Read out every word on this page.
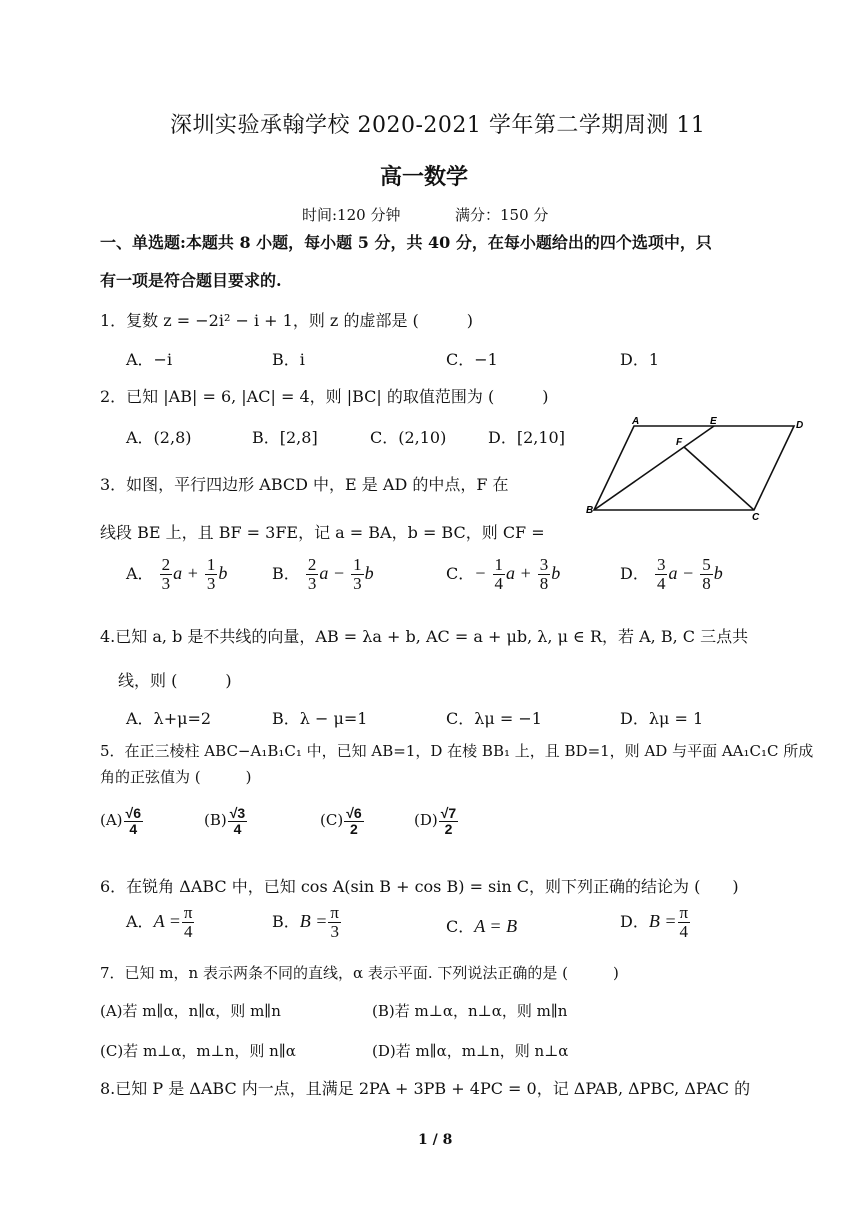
深圳实验承翰学校 2020-2021 学年第二学期周测 11
高一数学
时间:120 分钟	满分：150 分
一、单选题:本题共 8 小题，每小题 5 分，共 40 分，在每小题给出的四个选项中，只
有一项是符合题目要求的.
1．复数 z = −2i² − i + 1，则 z 的虚部是 (　　　)
A．−i	B．i	C．−1	D．1
2．已知 |AB| = 6, |AC| = 4，则 |BC| 的取值范围为 (　　　)
A．(2,8)	B．[2,8]	C．(2,10)	D．[2,10]
A	E	D
F
B
C
3．如图，平行四边形 ABCD 中，E 是 AD 的中点，F 在
线段 BE 上，且 BF = 3FE，记 a = BA，b = BC，则 CF =
A． $\frac{2}{3}$ $a + \frac{1}{3}$ b	B． $\frac{2}{3}$ $a - \frac{1}{3}$ b	C．− $\frac{1}{4}$ $a + \frac{3}{8}$ b	D． $\frac{3}{4}$ $a - \frac{5}{8}$ b
4.已知 a, b 是不共线的向量，AB = λa + b, AC = a + μb, λ, μ ∈ R，若 A, B, C 三点共
线，则 (　　　)
A．λ+μ=2	B．λ − μ=1	C．λμ = −1	D．λμ = 1
5．在正三棱柱 ABC−A₁B₁C₁ 中，已知 AB=1，D 在棱 BB₁ 上，且 BD=1，则 AD 与平面 AA₁C₁C 所成
角的正弦值为 (　　　)
$(A) \frac{√6}{4}$	$(B) \frac{√3}{4}$	$(C) \frac{√6}{2}$	$(D) \frac{√7}{2}$
6．在锐角 ΔABC 中，已知 cos A(sin B + cos B) = sin C，则下列正确的结论为 (　　)
A．$A = \frac{\pi}{4}$	B．$B = \frac{\pi}{3}$	C．A = B	D．$B = \frac{\pi}{4}$
7．已知 m，n 表示两条不同的直线，α 表示平面. 下列说法正确的是 (　　　)
(A)若 m∥α，n∥α，则 m∥n	(B)若 m⊥α，n⊥α，则 m∥n
(C)若 m⊥α，m⊥n，则 n∥α	(D)若 m∥α，m⊥n，则 n⊥α
8.已知 P 是 ΔABC 内一点，且满足 2PA + 3PB + 4PC = 0，记 ΔPAB, ΔPBC, ΔPAC 的
1 / 8
